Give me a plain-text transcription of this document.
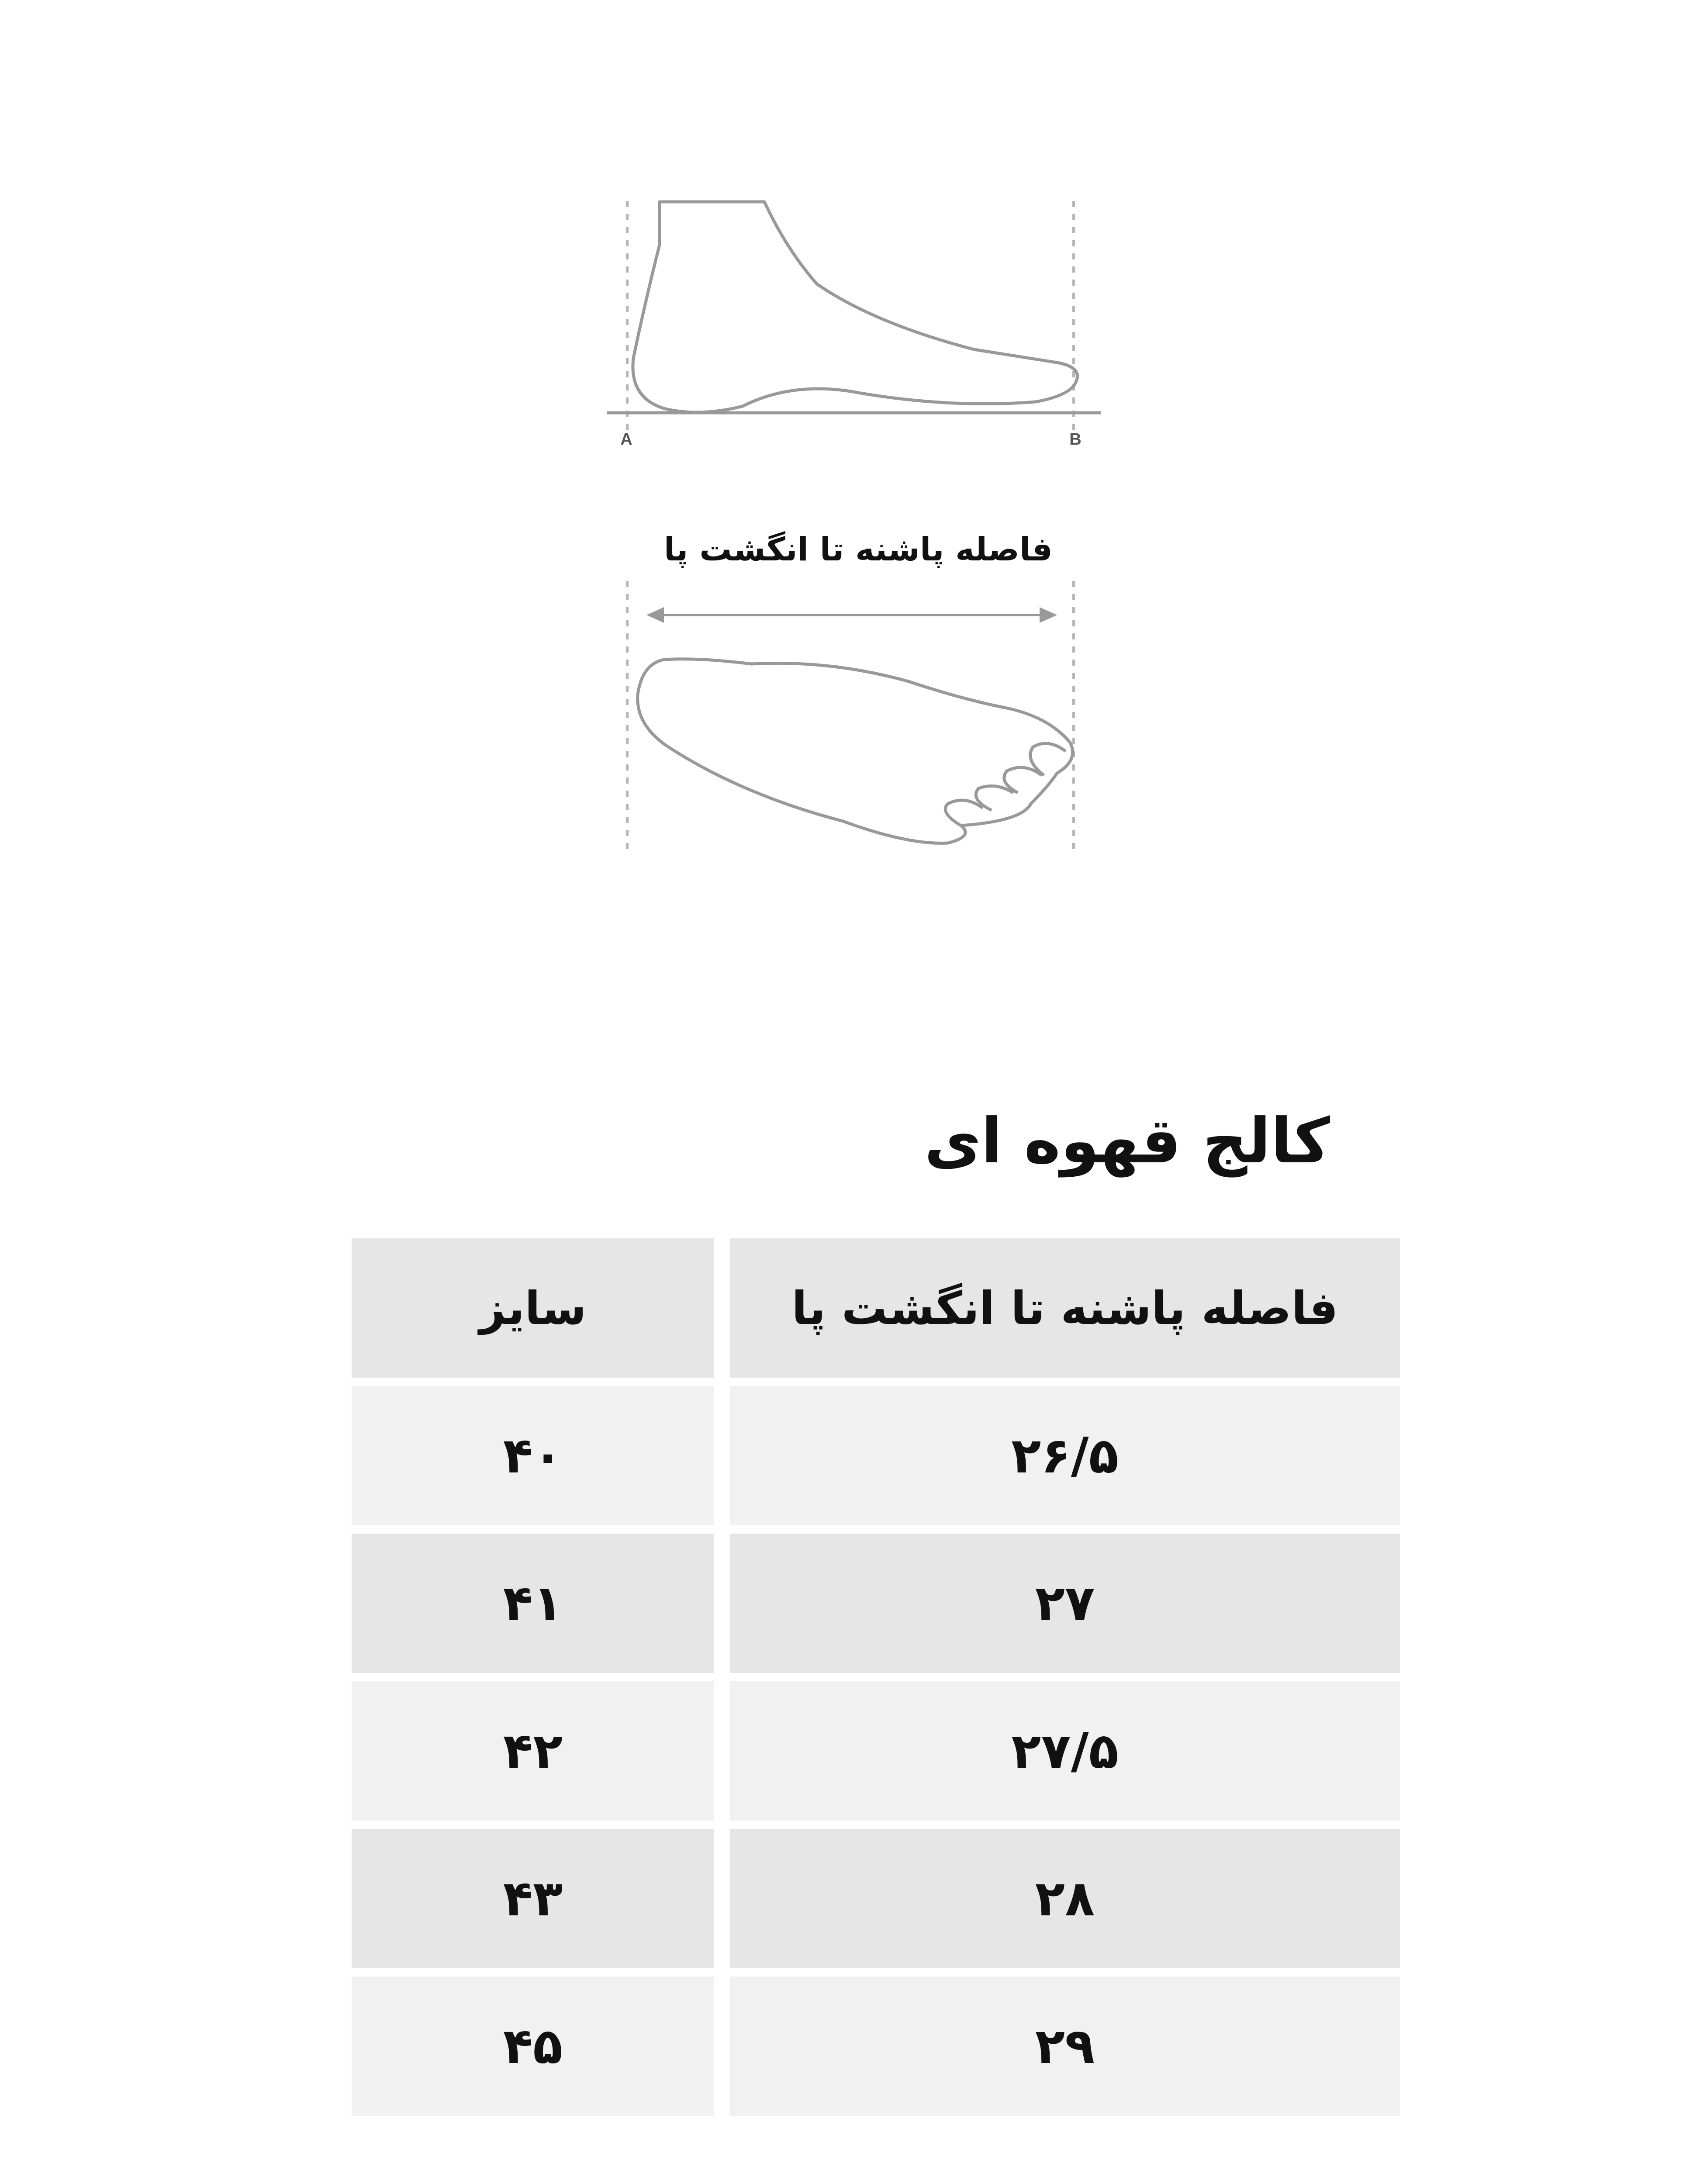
A	B
فاصله پاشنه تا انگشت پا
کالج قهوه ای
سایز	فاصله پاشنه تا انگشت پا
۴۰	۲۶/۵
۴۱	۲۷
۴۲	۲۷/۵
۴۳	۲۸
۴۵	۲۹
